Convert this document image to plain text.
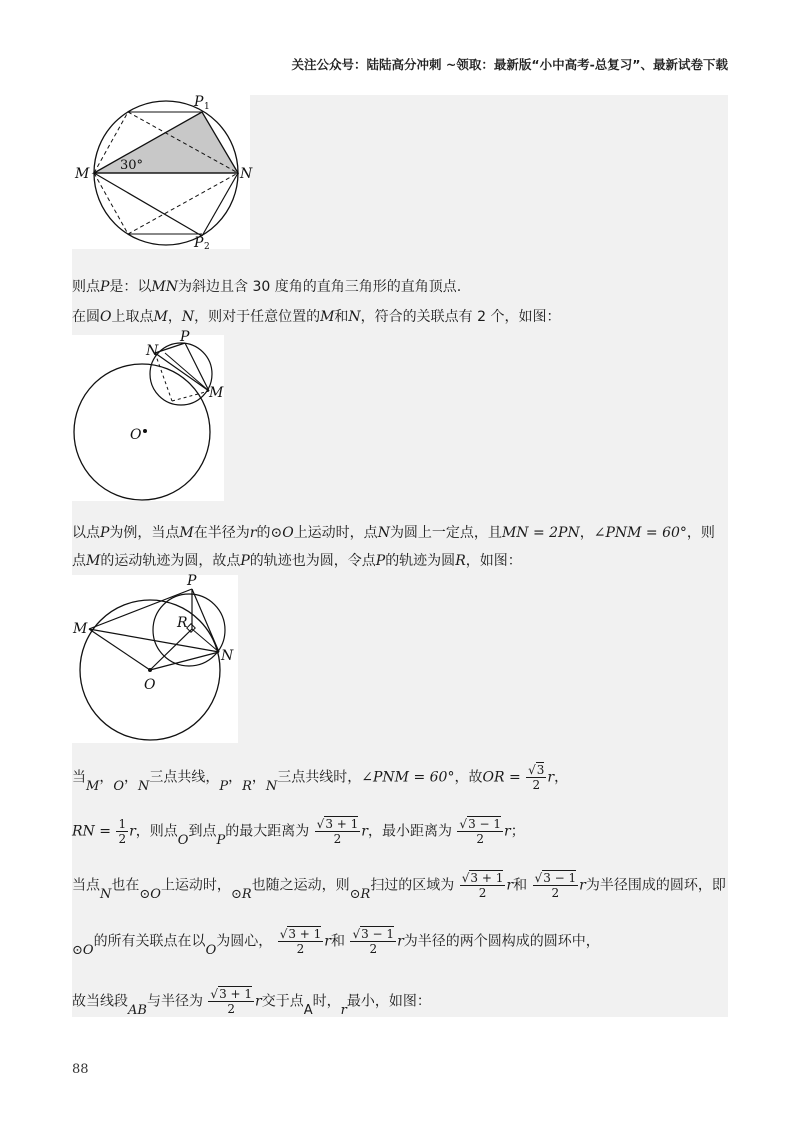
关注公众号：陆陆高分冲刺 ~领取：最新版“小中高考-总复习”、最新试卷下载
P 1
P 2
M	N
30°
则点P是：以MN为斜边且含 30 度角的直角三角形的直角顶点.
在圆O上取点M，N，则对于任意位置的M和N，符合的关联点有 2 个，如图：
N
P
M
O
以点P为例，当点M在半径为r的⊙O上运动时，点N为圆上一定点，且MN = 2PN，∠PNM = 60°，则
点M的运动轨迹为圆，故点P的轨迹也为圆，令点P的轨迹为圆R，如图：
P
R
M
N
O
当M，O，N三点共线，P，R，N三点共线时，∠PNM = 60°，故OR = $\frac{√3}{2}$ r，
RN = $\frac{1}{2}$ r，则点O到点P的最大距离为 $\frac{√3 + 1}{2}$ r，最小距离为 $\frac{√3 - 1}{2}$ r；
当点N也在⊙O上运动时，⊙R也随之运动，则⊙R扫过的区域为 $\frac{√3 + 1}{2}$ r和 $\frac{√3 - 1}{2}$ r为半径围成的圆环，即
⊙O的所有关联点在以O为圆心， $\frac{√3 + 1}{2}$ r和 $\frac{√3 - 1}{2}$ r为半径的两个圆构成的圆环中，
故当线段AB与半径为 $\frac{√3 + 1}{2}$ r交于点A时，r最小，如图：
88
